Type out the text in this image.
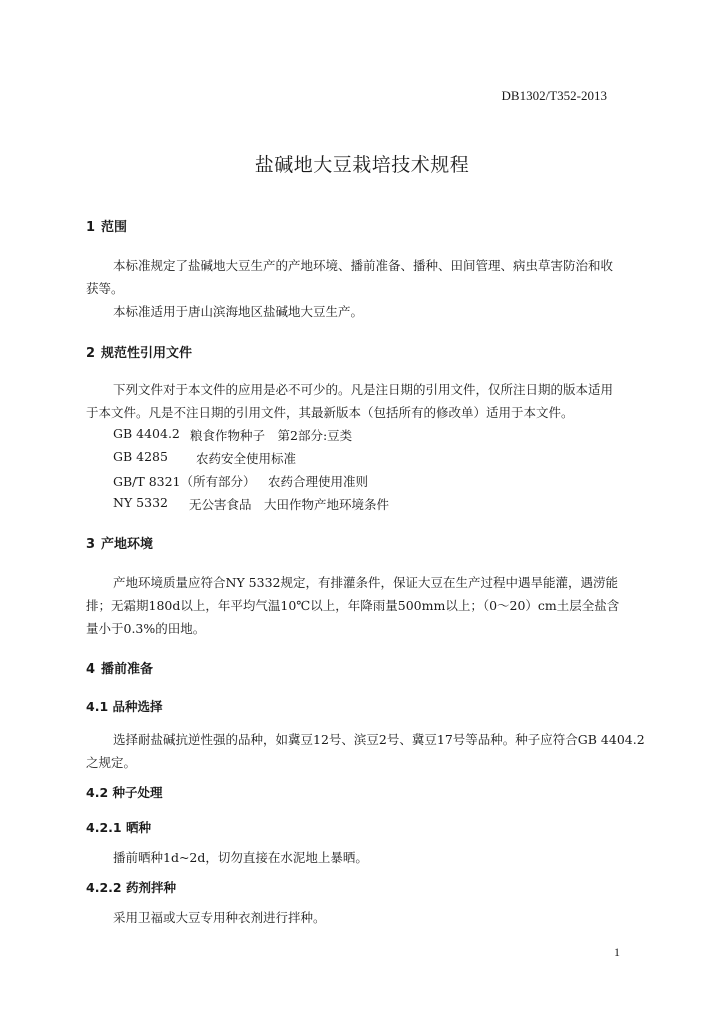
DB1302/T352-2013
盐碱地大豆栽培技术规程
1 范围
本标准规定了盐碱地大豆生产的产地环境、播前准备、播种、田间管理、病虫草害防治和收
获等。
本标准适用于唐山滨海地区盐碱地大豆生产。
2 规范性引用文件
下列文件对于本文件的应用是必不可少的。凡是注日期的引用文件，仅所注日期的版本适用
于本文件。凡是不注日期的引用文件，其最新版本（包括所有的修改单）适用于本文件。
GB 4404.2 粮食作物种子　第2部分:豆类
GB 4285 农药安全使用标准
GB/T 8321（所有部分） 农药合理使用准则
NY 5332 无公害食品　大田作物产地环境条件
3 产地环境
产地环境质量应符合NY 5332规定，有排灌条件，保证大豆在生产过程中遇旱能灌，遇涝能
排；无霜期180d以上，年平均气温10℃以上，年降雨量500mm以上；（0～20）cm土层全盐含
量小于0.3%的田地。
4 播前准备
4.1 品种选择
选择耐盐碱抗逆性强的品种，如冀豆12号、滨豆2号、冀豆17号等品种。种子应符合GB 4404.2
之规定。
4.2 种子处理
4.2.1 晒种
播前晒种1d~2d，切勿直接在水泥地上暴晒。
4.2.2 药剂拌种
采用卫福或大豆专用种衣剂进行拌种。
1
